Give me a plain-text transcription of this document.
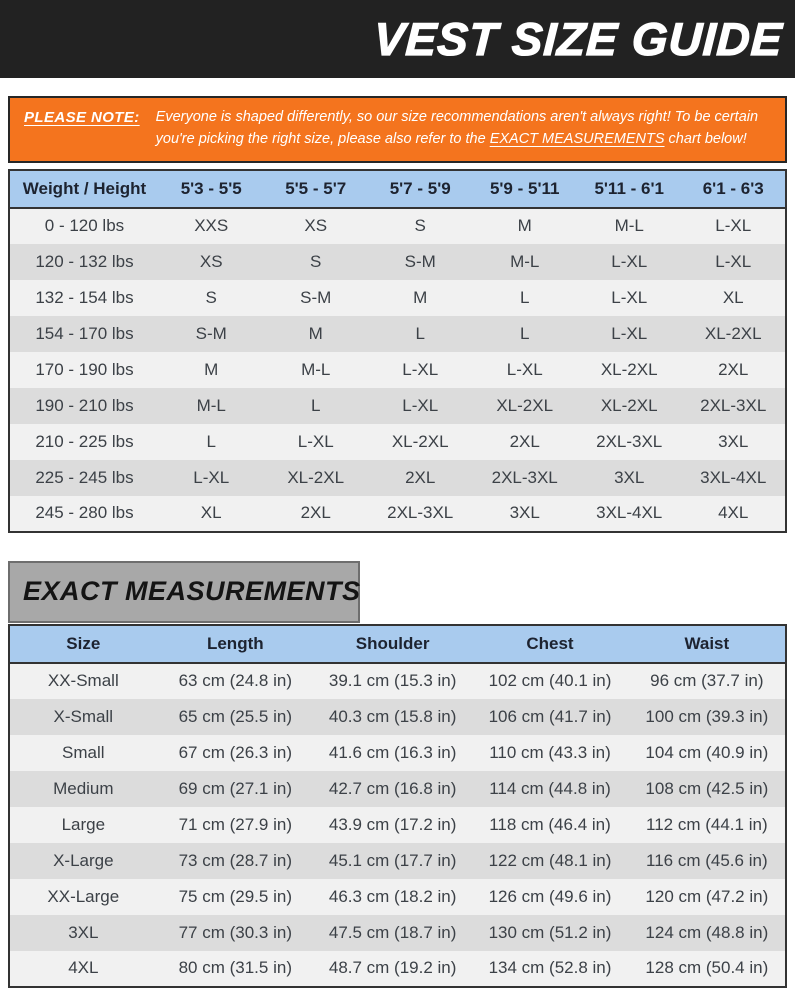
VEST SIZE GUIDE
PLEASE NOTE: Everyone is shaped differently, so our size recommendations aren't always right! To be certain you're picking the right size, please also refer to the EXACT MEASUREMENTS chart below!

Weight / Height	5'3 - 5'5	5'5 - 5'7	5'7 - 5'9	5'9 - 5'11	5'11 - 6'1	6'1 - 6'3
0 - 120 lbs	XXS	XS	S	M	M-L	L-XL
120 - 132 lbs	XS	S	S-M	M-L	L-XL	L-XL
132 - 154 lbs	S	S-M	M	L	L-XL	XL
154 - 170 lbs	S-M	M	L	L	L-XL	XL-2XL
170 - 190 lbs	M	M-L	L-XL	L-XL	XL-2XL	2XL
190 - 210 lbs	M-L	L	L-XL	XL-2XL	XL-2XL	2XL-3XL
210 - 225 lbs	L	L-XL	XL-2XL	2XL	2XL-3XL	3XL
225 - 245 lbs	L-XL	XL-2XL	2XL	2XL-3XL	3XL	3XL-4XL
245 - 280 lbs	XL	2XL	2XL-3XL	3XL	3XL-4XL	4XL
EXACT MEASUREMENTS
Size	Length	Shoulder	Chest	Waist
XX-Small	63 cm (24.8 in)	39.1 cm (15.3 in)	102 cm (40.1 in)	96 cm (37.7 in)
X-Small	65 cm (25.5 in)	40.3 cm (15.8 in)	106 cm (41.7 in)	100 cm (39.3 in)
Small	67 cm (26.3 in)	41.6 cm (16.3 in)	110 cm (43.3 in)	104 cm (40.9 in)
Medium	69 cm (27.1 in)	42.7 cm (16.8 in)	114 cm (44.8 in)	108 cm (42.5 in)
Large	71 cm (27.9 in)	43.9 cm (17.2 in)	118 cm (46.4 in)	112 cm (44.1 in)
X-Large	73 cm (28.7 in)	45.1 cm (17.7 in)	122 cm (48.1 in)	116 cm (45.6 in)
XX-Large	75 cm (29.5 in)	46.3 cm (18.2 in)	126 cm (49.6 in)	120 cm (47.2 in)
3XL	77 cm (30.3 in)	47.5 cm (18.7 in)	130 cm (51.2 in)	124 cm (48.8 in)
4XL	80 cm (31.5 in)	48.7 cm (19.2 in)	134 cm (52.8 in)	128 cm (50.4 in)
